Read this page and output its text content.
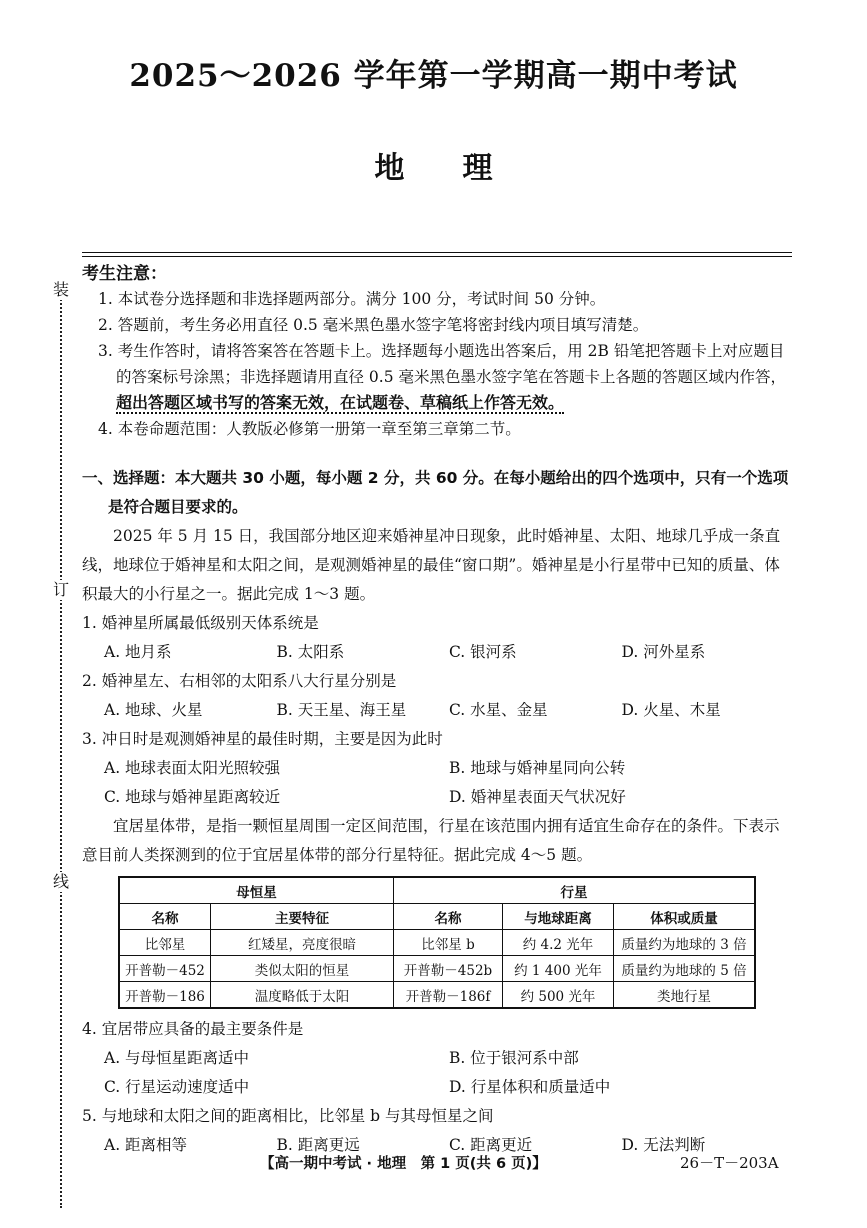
装
订
线
2025～2026 学年第一学期高一期中考试
地理
考生注意：

1. 本试卷分选择题和非选择题两部分。满分 100 分，考试时间 50 分钟。

2. 答题前，考生务必用直径 0.5 毫米黑色墨水签字笔将密封线内项目填写清楚。

3. 考生作答时，请将答案答在答题卡上。选择题每小题选出答案后，用 2B 铅笔把答题卡上对应题目的答案标号涂黑；非选择题请用直径 0.5 毫米黑色墨水签字笔在答题卡上各题的答题区域内作答，超出答题区域书写的答案无效，在试题卷、草稿纸上作答无效。

4. 本卷命题范围：人教版必修第一册第一章至第三章第二节。

一、选择题：本大题共 30 小题，每小题 2 分，共 60 分。在每小题给出的四个选项中，只有一个选项是符合题目要求的。

2025 年 5 月 15 日，我国部分地区迎来婚神星冲日现象，此时婚神星、太阳、地球几乎成一条直线，地球位于婚神星和太阳之间，是观测婚神星的最佳“窗口期”。婚神星是小行星带中已知的质量、体积最大的小行星之一。据此完成 1～3 题。

1. 婚神星所属最低级别天体系统是

A. 地月系	B. 太阳系	C. 银河系	D. 河外星系

2. 婚神星左、右相邻的太阳系八大行星分别是

A. 地球、火星	B. 天王星、海王星	C. 水星、金星	D. 火星、木星

3. 冲日时是观测婚神星的最佳时期，主要是因为此时

A. 地球表面太阳光照较强	B. 地球与婚神星同向公转
C. 地球与婚神星距离较近	D. 婚神星表面天气状况好

宜居星体带，是指一颗恒星周围一定区间范围，行星在该范围内拥有适宜生命存在的条件。下表示意目前人类探测到的位于宜居星体带的部分行星特征。据此完成 4～5 题。

母恒星		行星		
名称	主要特征	名称	与地球距离	体积或质量
比邻星	红矮星，亮度很暗	比邻星 b	约 4.2 光年	质量约为地球的 3 倍
开普勒－452	类似太阳的恒星	开普勒－452b	约 1 400 光年	质量约为地球的 5 倍
开普勒－186	温度略低于太阳	开普勒－186f	约 500 光年	类地行星

4. 宜居带应具备的最主要条件是

A. 与母恒星距离适中	B. 位于银河系中部
C. 行星运动速度适中	D. 行星体积和质量适中

5. 与地球和太阳之间的距离相比，比邻星 b 与其母恒星之间

A. 距离相等	B. 距离更远	C. 距离更近	D. 无法判断
【高一期中考试 · 地理　第 1 页(共 6 页)】	26－T－203A
